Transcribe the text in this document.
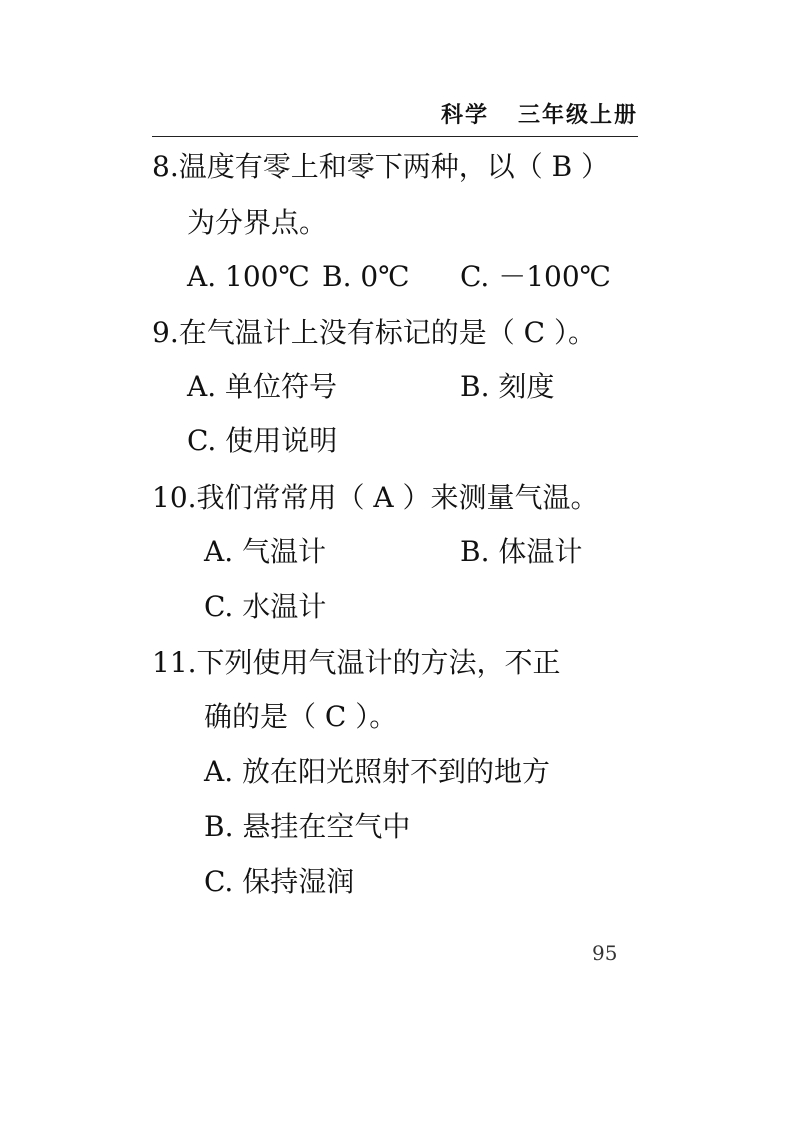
科学 三年级上册
8.温度有零上和零下两种，以（ B ）
为分界点。
A. 100℃ B. 0℃ C. －100℃
9.在气温计上没有标记的是（ C ）。
A. 单位符号	B. 刻度
C. 使用说明
10.我们常常用（ A ）来测量气温。
A. 气温计	B. 体温计
C. 水温计
11.下列使用气温计的方法，不正
确的是（ C ）。
A. 放在阳光照射不到的地方
B. 悬挂在空气中
C. 保持湿润
95
